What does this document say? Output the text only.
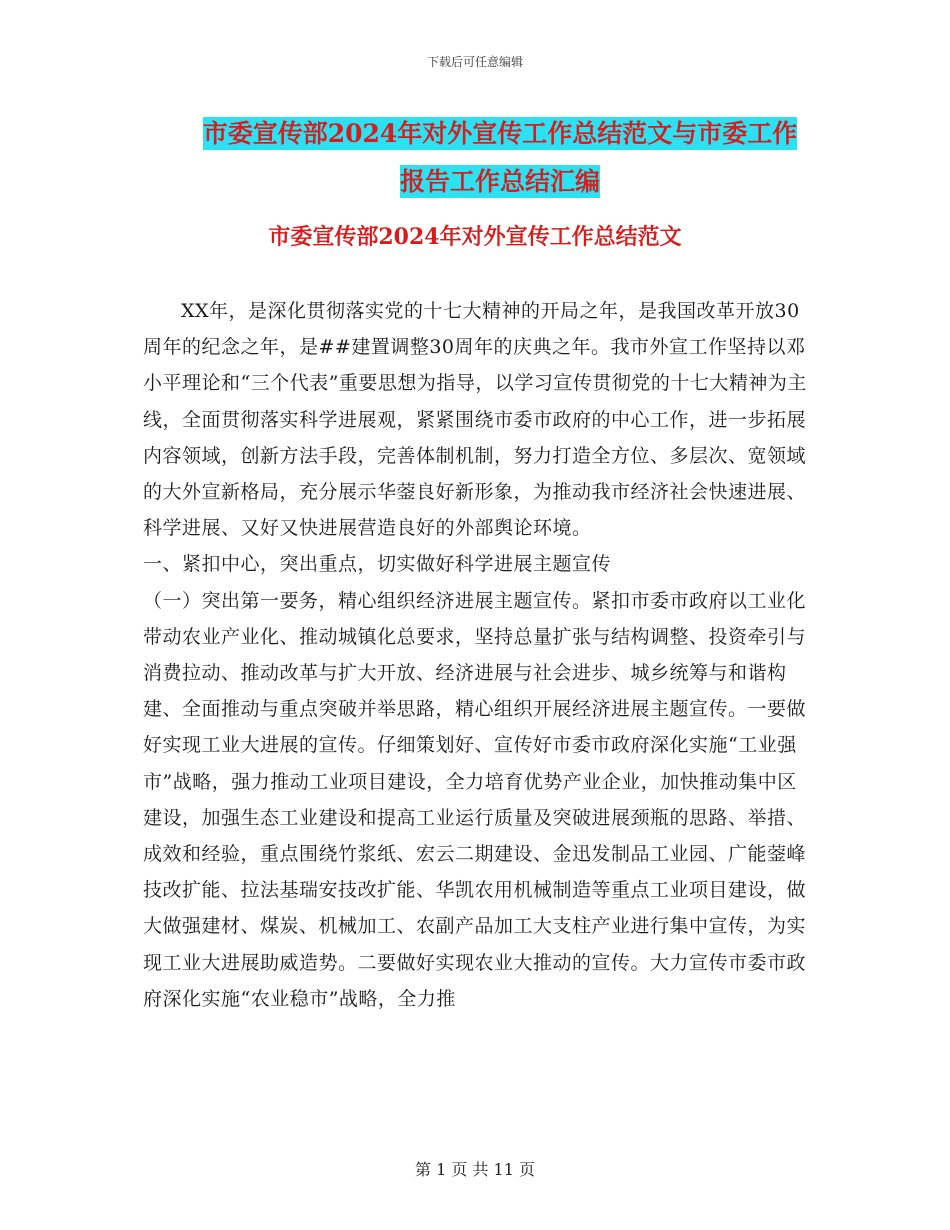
下载后可任意编辑
市委宣传部2024年对外宣传工作总结范文与市委工作
报告工作总结汇编
市委宣传部2024年对外宣传工作总结范文

XX年，是深化贯彻落实党的十七大精神的开局之年，是我国改革开放30周年的纪念之年，是##建置调整30周年的庆典之年。我市外宣工作坚持以邓小平理论和“三个代表”重要思想为指导，以学习宣传贯彻党的十七大精神为主线，全面贯彻落实科学进展观，紧紧围绕市委市政府的中心工作，进一步拓展内容领域，创新方法手段，完善体制机制，努力打造全方位、多层次、宽领域的大外宣新格局，充分展示华蓥良好新形象，为推动我市经济社会快速进展、科学进展、又好又快进展营造良好的外部舆论环境。

一、紧扣中心，突出重点，切实做好科学进展主题宣传

（一）突出第一要务，精心组织经济进展主题宣传。紧扣市委市政府以工业化带动农业产业化、推动城镇化总要求，坚持总量扩张与结构调整、投资牵引与消费拉动、推动改革与扩大开放、经济进展与社会进步、城乡统筹与和谐构建、全面推动与重点突破并举思路，精心组织开展经济进展主题宣传。一要做好实现工业大进展的宣传。仔细策划好、宣传好市委市政府深化实施“工业强市”战略，强力推动工业项目建设，全力培育优势产业企业，加快推动集中区建设，加强生态工业建设和提高工业运行质量及突破进展颈瓶的思路、举措、成效和经验，重点围绕竹浆纸、宏云二期建设、金迅发制品工业园、广能蓥峰技改扩能、拉法基瑞安技改扩能、华凯农用机械制造等重点工业项目建设，做大做强建材、煤炭、机械加工、农副产品加工大支柱产业进行集中宣传，为实现工业大进展助威造势。二要做好实现农业大推动的宣传。大力宣传市委市政府深化实施“农业稳市”战略，全力推

第 1 页 共 11 页
